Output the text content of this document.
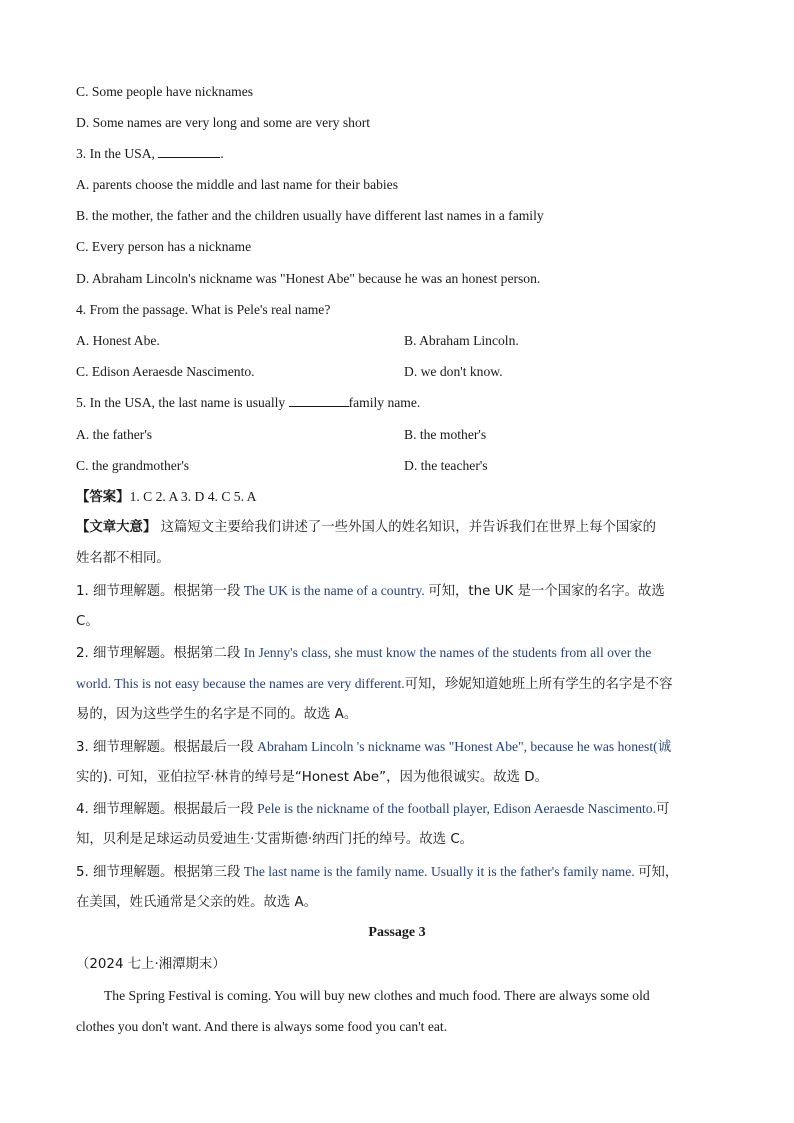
C. Some people have nicknames
D. Some names are very long and some are very short
3. In the USA,	.
A. parents choose the middle and last name for their babies
B. the mother, the father and the children usually have different last names in a family
C. Every person has a nickname
D. Abraham Lincoln's nickname was "Honest Abe" because he was an honest person.
4. From the passage. What is Pele's real name?
A. Honest Abe.	B. Abraham Lincoln.
C. Edison Aeraesde Nascimento.	D. we don't know.
5. In the USA, the last name is usually	family name.
A. the father's	B. the mother's
C. the grandmother's	D. the teacher's
【答案】1. C 2. A 3. D 4. C 5. A
【文章大意】 这篇短文主要给我们讲述了一些外国人的姓名知识，并告诉我们在世界上每个国家的
姓名都不相同。
1. 细节理解题。根据第一段 The UK is the name of a country. 可知，the UK 是一个国家的名字。故选
C。
2. 细节理解题。根据第二段 In Jenny's class, she must know the names of the students from all over the
world. This is not easy because the names are very different.可知，珍妮知道她班上所有学生的名字是不容
易的，因为这些学生的名字是不同的。故选 A。
3. 细节理解题。根据最后一段 Abraham Lincoln 's nickname was "Honest Abe", because he was honest(诚
实的). 可知，亚伯拉罕·林肯的绰号是“Honest Abe”，因为他很诚实。故选 D。
4. 细节理解题。根据最后一段 Pele is the nickname of the football player, Edison Aeraesde Nascimento.可
知，贝利是足球运动员爱迪生·艾雷斯德·纳西门托的绰号。故选 C。
5. 细节理解题。根据第三段 The last name is the family name. Usually it is the father's family name. 可知，
在美国，姓氏通常是父亲的姓。故选 A。
Passage 3
（2024 七上·湘潭期末）
The Spring Festival is coming. You will buy new clothes and much food. There are always some old
clothes you don't want. And there is always some food you can't eat.
